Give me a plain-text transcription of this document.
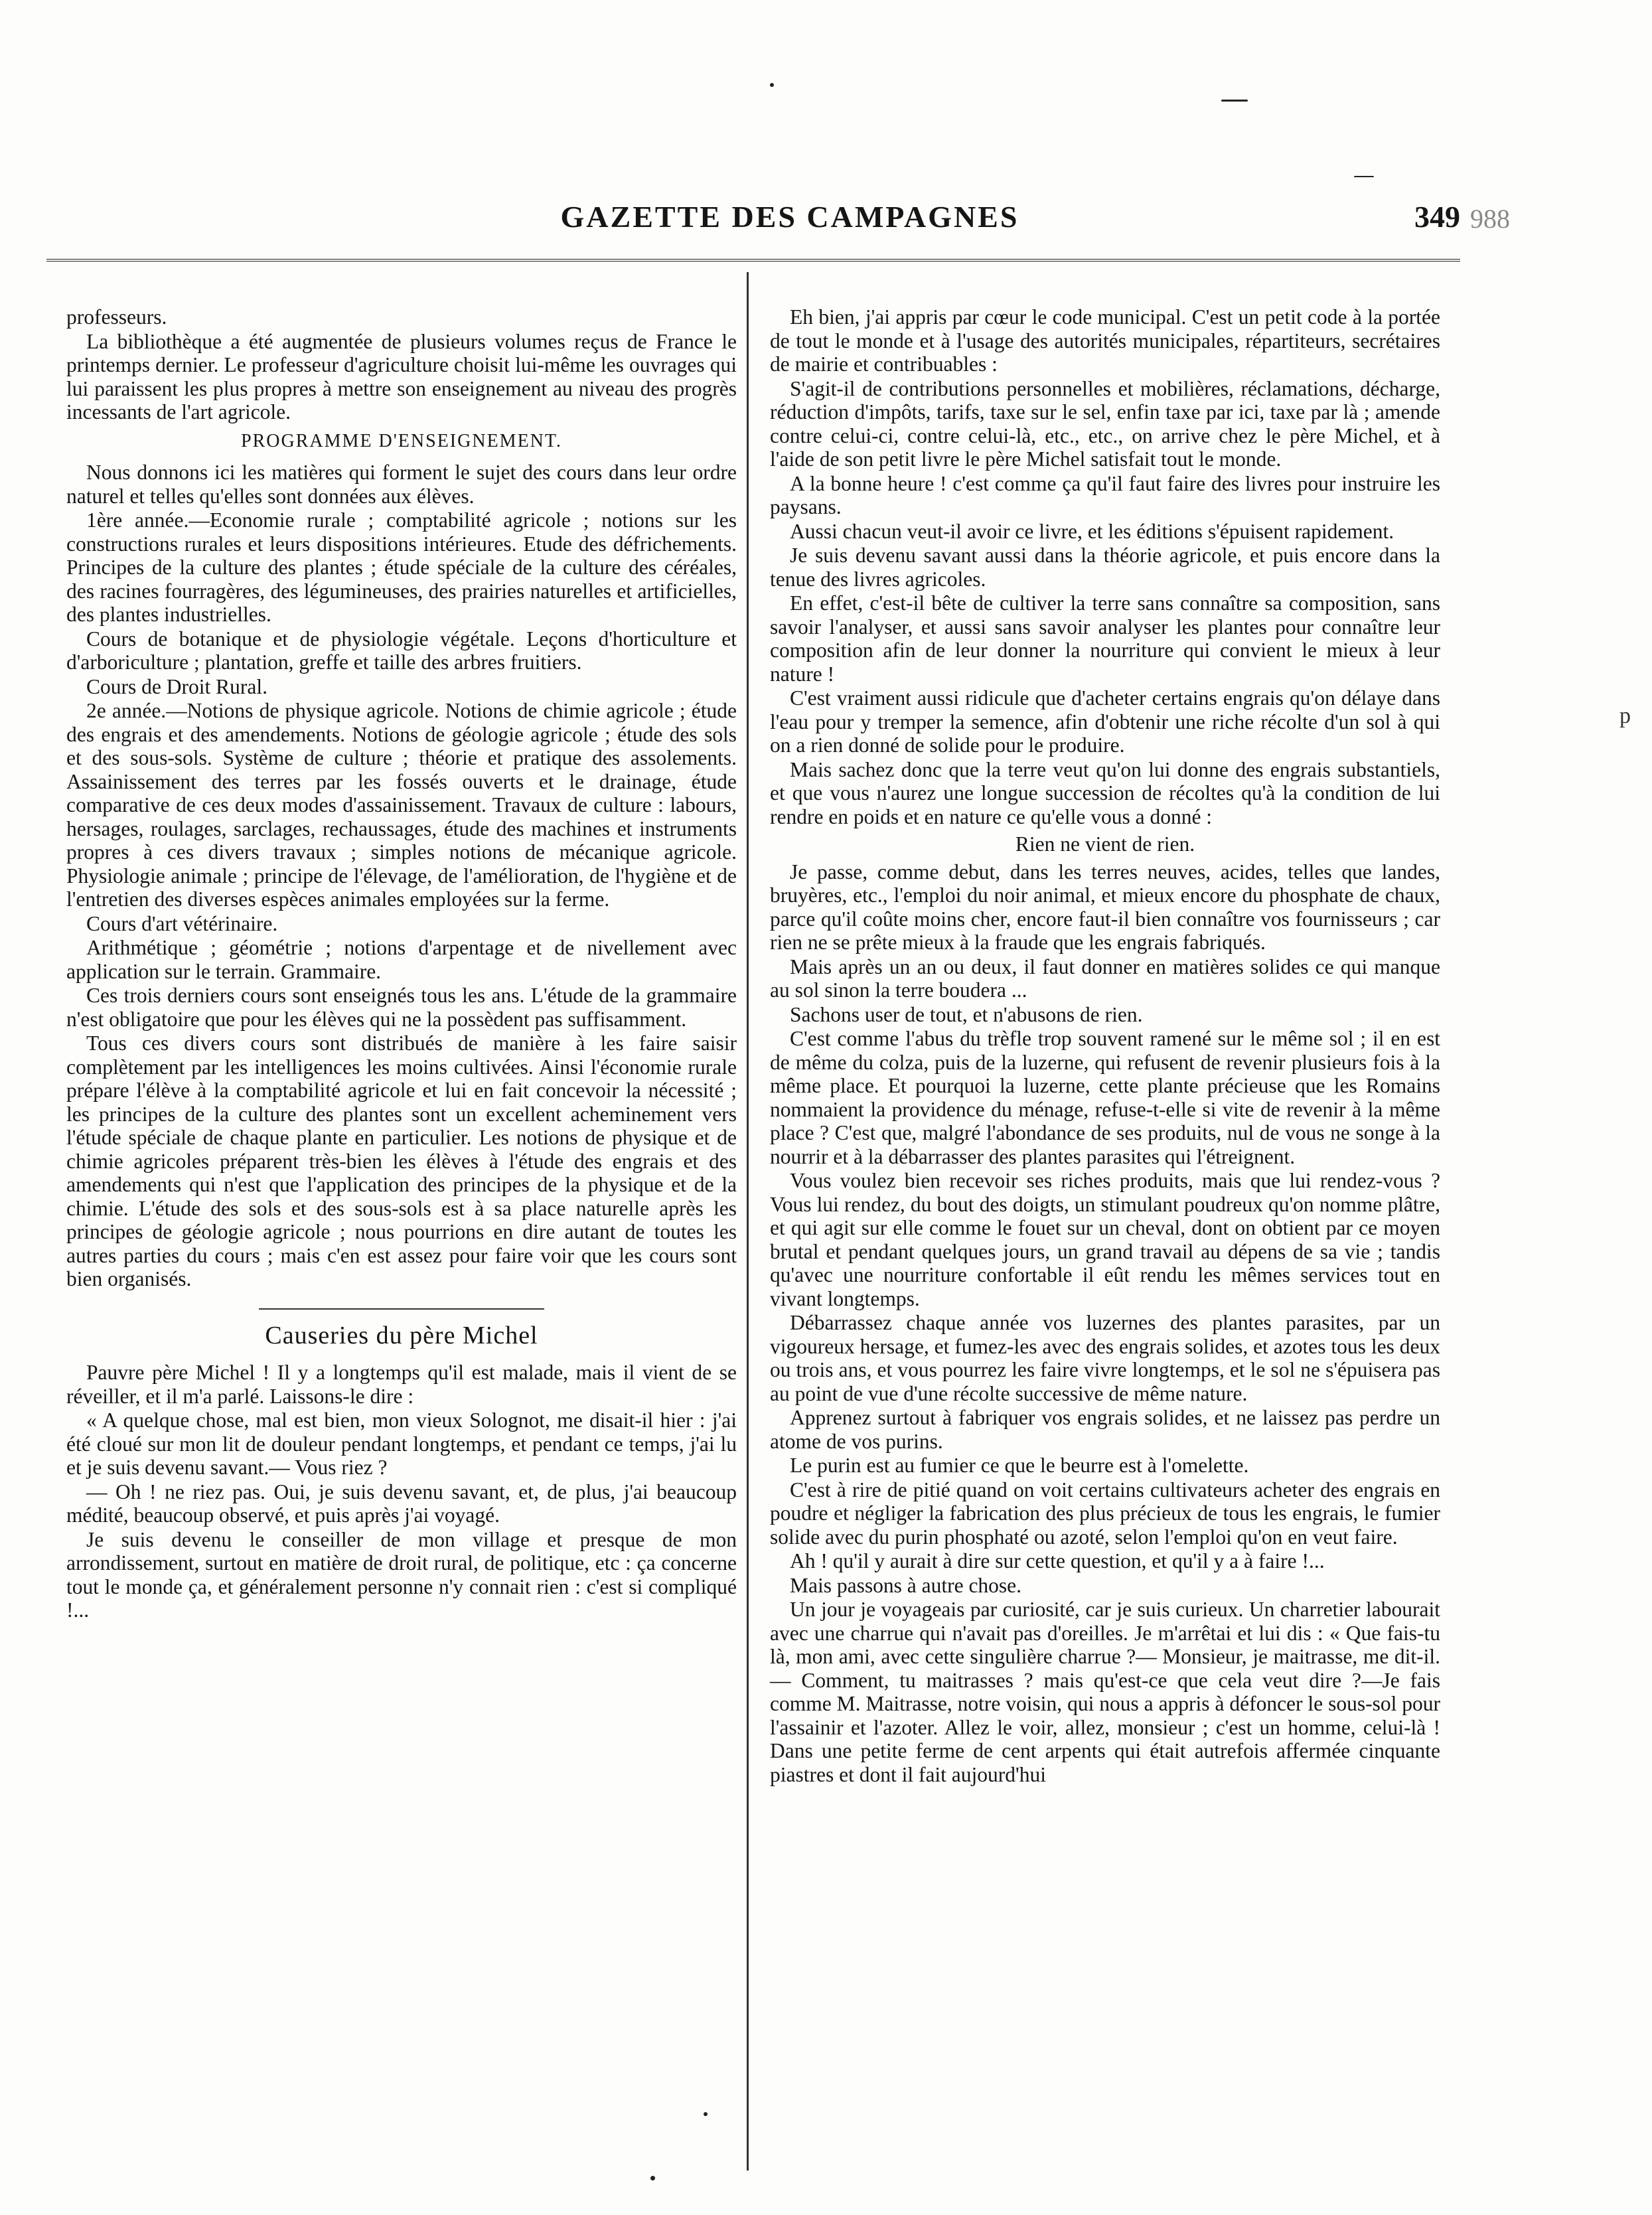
GAZETTE DES CAMPAGNES	349 988

professeurs.

La bibliothèque a été augmentée de plusieurs volumes reçus de France le printemps dernier. Le professeur d'agriculture choisit lui-même les ouvrages qui lui paraissent les plus propres à mettre son enseignement au niveau des progrès incessants de l'art agricole.

PROGRAMME D'ENSEIGNEMENT.

Nous donnons ici les matières qui forment le sujet des cours dans leur ordre naturel et telles qu'elles sont données aux élèves.

1ère année.—Economie rurale ; comptabilité agricole ; notions sur les constructions rurales et leurs dispositions intérieures. Etude des défrichements. Principes de la culture des plantes ; étude spéciale de la culture des céréales, des racines fourragères, des légumineuses, des prairies naturelles et artificielles, des plantes industrielles.

Cours de botanique et de physiologie végétale. Leçons d'horticulture et d'arboriculture ; plantation, greffe et taille des arbres fruitiers.

Cours de Droit Rural.

2e année.—Notions de physique agricole. Notions de chimie agricole ; étude des engrais et des amendements. Notions de géologie agricole ; étude des sols et des sous-sols. Système de culture ; théorie et pratique des assolements. Assainissement des terres par les fossés ouverts et le drainage, étude comparative de ces deux modes d'assainissement. Travaux de culture : labours, hersages, roulages, sarclages, rechaussages, étude des machines et instruments propres à ces divers travaux ; simples notions de mécanique agricole. Physiologie animale ; principe de l'élevage, de l'amélioration, de l'hygiène et de l'entretien des diverses espèces animales employées sur la ferme.

Cours d'art vétérinaire.

Arithmétique ; géométrie ; notions d'arpentage et de nivellement avec application sur le terrain. Grammaire.

Ces trois derniers cours sont enseignés tous les ans. L'étude de la grammaire n'est obligatoire que pour les élèves qui ne la possèdent pas suffisamment.

Tous ces divers cours sont distribués de manière à les faire saisir complètement par les intelligences les moins cultivées. Ainsi l'économie rurale prépare l'élève à la comptabilité agricole et lui en fait concevoir la nécessité ; les principes de la culture des plantes sont un excellent acheminement vers l'étude spéciale de chaque plante en particulier. Les notions de physique et de chimie agricoles préparent très-bien les élèves à l'étude des engrais et des amendements qui n'est que l'application des principes de la physique et de la chimie. L'étude des sols et des sous-sols est à sa place naturelle après les principes de géologie agricole ; nous pourrions en dire autant de toutes les autres parties du cours ; mais c'en est assez pour faire voir que les cours sont bien organisés.

Causeries du père Michel

Pauvre père Michel ! Il y a longtemps qu'il est malade, mais il vient de se réveiller, et il m'a parlé. Laissons-le dire :

« A quelque chose, mal est bien, mon vieux Solognot, me disait-il hier : j'ai été cloué sur mon lit de douleur pendant longtemps, et pendant ce temps, j'ai lu et je suis devenu savant.— Vous riez ?

— Oh ! ne riez pas. Oui, je suis devenu savant, et, de plus, j'ai beaucoup médité, beaucoup observé, et puis après j'ai voyagé.

Je suis devenu le conseiller de mon village et presque de mon arrondissement, surtout en matière de droit rural, de politique, etc : ça concerne tout le monde ça, et généralement personne n'y connait rien : c'est si compliqué !...

Eh bien, j'ai appris par cœur le code municipal. C'est un petit code à la portée de tout le monde et à l'usage des autorités municipales, répartiteurs, secrétaires de mairie et contribuables :

S'agit-il de contributions personnelles et mobilières, réclamations, décharge, réduction d'impôts, tarifs, taxe sur le sel, enfin taxe par ici, taxe par là ; amende contre celui-ci, contre celui-là, etc., etc., on arrive chez le père Michel, et à l'aide de son petit livre le père Michel satisfait tout le monde.

A la bonne heure ! c'est comme ça qu'il faut faire des livres pour instruire les paysans.

Aussi chacun veut-il avoir ce livre, et les éditions s'épuisent rapidement.

Je suis devenu savant aussi dans la théorie agricole, et puis encore dans la tenue des livres agricoles.

En effet, c'est-il bête de cultiver la terre sans connaître sa composition, sans savoir l'analyser, et aussi sans savoir analyser les plantes pour connaître leur composition afin de leur donner la nourriture qui convient le mieux à leur nature !

C'est vraiment aussi ridicule que d'acheter certains engrais qu'on délaye dans l'eau pour y tremper la semence, afin d'obtenir une riche récolte d'un sol à qui on a rien donné de solide pour le produire.

Mais sachez donc que la terre veut qu'on lui donne des engrais substantiels, et que vous n'aurez une longue succession de récoltes qu'à la condition de lui rendre en poids et en nature ce qu'elle vous a donné :

Rien ne vient de rien.

Je passe, comme debut, dans les terres neuves, acides, telles que landes, bruyères, etc., l'emploi du noir animal, et mieux encore du phosphate de chaux, parce qu'il coûte moins cher, encore faut-il bien connaître vos fournisseurs ; car rien ne se prête mieux à la fraude que les engrais fabriqués.

Mais après un an ou deux, il faut donner en matières solides ce qui manque au sol sinon la terre boudera ...

Sachons user de tout, et n'abusons de rien.

C'est comme l'abus du trèfle trop souvent ramené sur le même sol ; il en est de même du colza, puis de la luzerne, qui refusent de revenir plusieurs fois à la même place. Et pourquoi la luzerne, cette plante précieuse que les Romains nommaient la providence du ménage, refuse-t-elle si vite de revenir à la même place ? C'est que, malgré l'abondance de ses produits, nul de vous ne songe à la nourrir et à la débarrasser des plantes parasites qui l'étreignent.

Vous voulez bien recevoir ses riches produits, mais que lui rendez-vous ? Vous lui rendez, du bout des doigts, un stimulant poudreux qu'on nomme plâtre, et qui agit sur elle comme le fouet sur un cheval, dont on obtient par ce moyen brutal et pendant quelques jours, un grand travail au dépens de sa vie ; tandis qu'avec une nourriture confortable il eût rendu les mêmes services tout en vivant longtemps.

Débarrassez chaque année vos luzernes des plantes parasites, par un vigoureux hersage, et fumez-les avec des engrais solides, et azotes tous les deux ou trois ans, et vous pourrez les faire vivre longtemps, et le sol ne s'épuisera pas au point de vue d'une récolte successive de même nature.

Apprenez surtout à fabriquer vos engrais solides, et ne laissez pas perdre un atome de vos purins.

Le purin est au fumier ce que le beurre est à l'omelette.

C'est à rire de pitié quand on voit certains cultivateurs acheter des engrais en poudre et négliger la fabrication des plus précieux de tous les engrais, le fumier solide avec du purin phosphaté ou azoté, selon l'emploi qu'on en veut faire.

Ah ! qu'il y aurait à dire sur cette question, et qu'il y a à faire !...

Mais passons à autre chose.

Un jour je voyageais par curiosité, car je suis curieux. Un charretier labourait avec une charrue qui n'avait pas d'oreilles. Je m'arrêtai et lui dis : « Que fais-tu là, mon ami, avec cette singulière charrue ?— Monsieur, je maitrasse, me dit-il.— Comment, tu maitrasses ? mais qu'est-ce que cela veut dire ?—Je fais comme M. Maitrasse, notre voisin, qui nous a appris à défoncer le sous-sol pour l'assainir et l'azoter. Allez le voir, allez, monsieur ; c'est un homme, celui-là ! Dans une petite ferme de cent arpents qui était autrefois affermée cinquante piastres et dont il fait aujourd'hui

p
